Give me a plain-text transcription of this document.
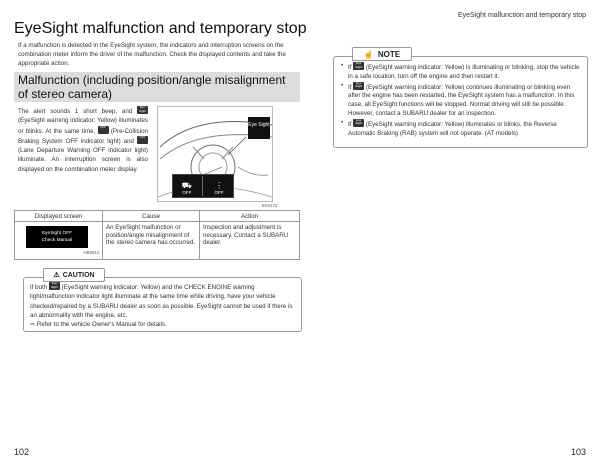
EyeSight malfunction and temporary stop
EyeSight malfunction and temporary stop

If a malfunction is detected in the EyeSight system, the indicators and interruption screens on the combination meter inform the driver of the malfunction. Check the displayed contents and take the appropriate action.

Malfunction (including position/angle misalignment of stereo camera)
The alert sounds 1 short beep, and Eye Sight (EyeSight warning indicator: Yellow) illuminates or blinks. At the same time, OFF (Pre-Collision Braking System OFF indicator light) and OFF (Lane Departure Warning OFF indicator light) illuminate. An interruption screen is also displayed on the combination meter display.
Eye Sight
⛟
OFF
⋮
OFF
E04172
Displayed screen	Cause	Action

EyeSight OFF
Check Manual
HB0014	An EyeSight malfunction or position/angle misalignment of the stereo camera has occurred.	Inspection and adjustment is necessary. Contact a SUBARU dealer.
⚠ CAUTION
If both Eye Sight (EyeSight warning indicator: Yellow) and the CHECK ENGINE warning light/malfunction indicator light illuminate at the same time while driving, have your vehicle checked/repaired by a SUBARU dealer as soon as possible. EyeSight cannot be used if there is an abnormality with the engine, etc.
⇨ Refer to the vehicle Owner's Manual for details.
☝ NOTE
• If Eye Sight (EyeSight warning indicator: Yellow) is illuminating or blinking, stop the vehicle in a safe location, turn off the engine and then restart it.
• If Eye Sight (EyeSight warning indicator: Yellow) continues illuminating or blinking even after the engine has been restarted, the EyeSight system has a malfunction. In this case, all EyeSight functions will be stopped. Normal driving will still be possible. However, contact a SUBARU dealer for an inspection.
• If Eye Sight (EyeSight warning indicator: Yellow) illuminates or blinks, the Reverse Automatic Braking (RAB) system will not operate. (AT models)
102	103
